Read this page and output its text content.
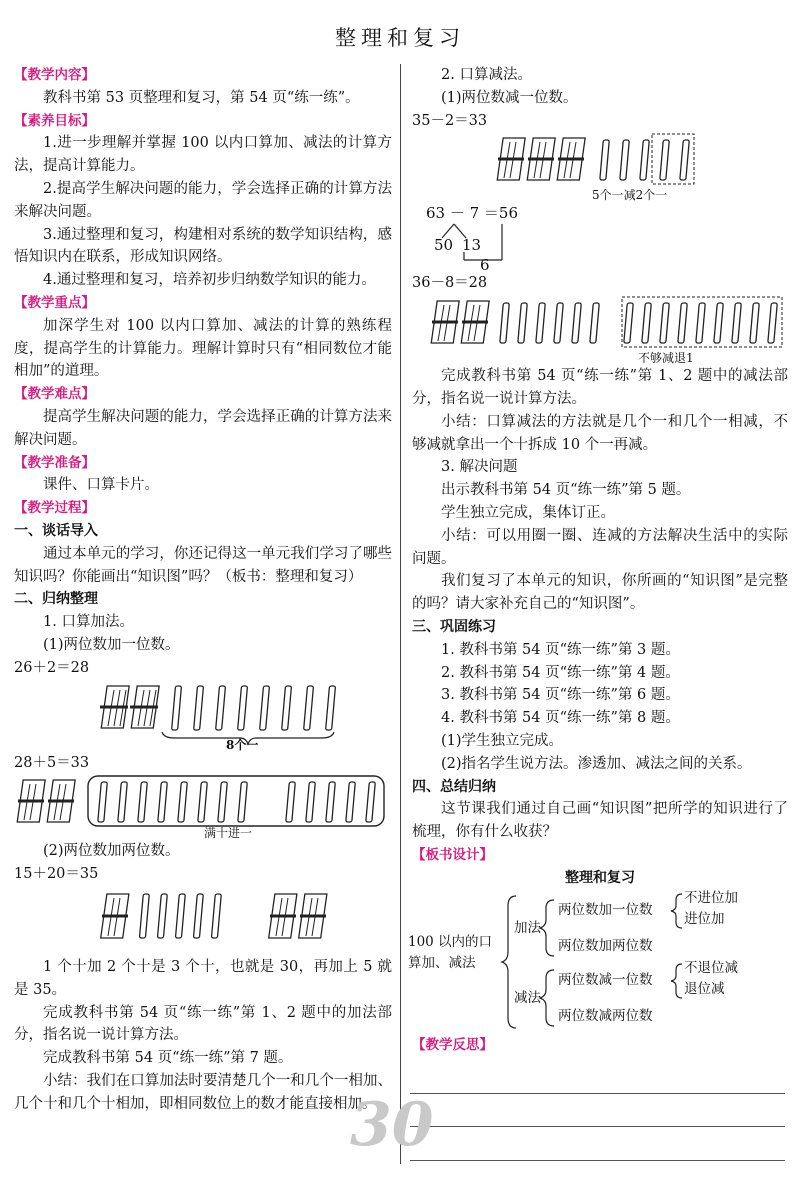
整理和复习
【教学内容】
教科书第 53 页整理和复习，第 54 页“练一练”。
【素养目标】
1.进一步理解并掌握 100 以内口算加、减法的计算方法，提高计算能力。
2.提高学生解决问题的能力，学会选择正确的计算方法来解决问题。
3.通过整理和复习，构建相对系统的数学知识结构，感悟知识内在联系，形成知识网络。
4.通过整理和复习，培养初步归纳数学知识的能力。
【教学重点】
加深学生对 100 以内口算加、减法的计算的熟练程度，提高学生的计算能力。理解计算时只有“相同数位才能相加”的道理。
【教学难点】
提高学生解决问题的能力，学会选择正确的计算方法来解决问题。
【教学准备】
课件、口算卡片。
【教学过程】
一、谈话导入
通过本单元的学习，你还记得这一单元我们学习了哪些知识吗？你能画出“知识图”吗？（板书：整理和复习）
二、归纳整理
1. 口算加法。
(1)两位数加一位数。
26＋2＝28
8个一
28＋5＝33
满十进一
(2)两位数加两位数。
15＋20＝35
1 个十加 2 个十是 3 个十，也就是 30，再加上 5 就是 35。
完成教科书第 54 页“练一练”第 1、2 题中的加法部分，指名说一说计算方法。
完成教科书第 54 页“练一练”第 7 题。
小结：我们在口算加法时要清楚几个一和几个一相加、几个十和几个十相加，即相同数位上的数才能直接相加。
2. 口算减法。
(1)两位数减一位数。
35－2＝33
5个一减2个一
63 － 7 ＝56
50 13
6
36－8＝28
不够减退1
完成教科书第 54 页“练一练”第 1、2 题中的减法部分，指名说一说计算方法。
小结：口算减法的方法就是几个一和几个一相减，不够减就拿出一个十拆成 10 个一再减。
3. 解决问题
出示教科书第 54 页“练一练”第 5 题。
学生独立完成，集体订正。
小结：可以用圈一圈、连减的方法解决生活中的实际问题。
我们复习了本单元的知识，你所画的“知识图”是完整的吗？请大家补充自己的“知识图”。
三、巩固练习
1. 教科书第 54 页“练一练”第 3 题。
2. 教科书第 54 页“练一练”第 4 题。
3. 教科书第 54 页“练一练”第 6 题。
4. 教科书第 54 页“练一练”第 8 题。
(1)学生独立完成。
(2)指名学生说方法。渗透加、减法之间的关系。
四、总结归纳
这节课我们通过自己画“知识图”把所学的知识进行了梳理，你有什么收获？
【板书设计】
整理和复习
100 以内的口算加、减法
加法
减法
两位数加一位数
两位数加两位数
两位数减一位数
两位数减两位数
不进位加
进位加
不退位减
退位减
【教学反思】
30
